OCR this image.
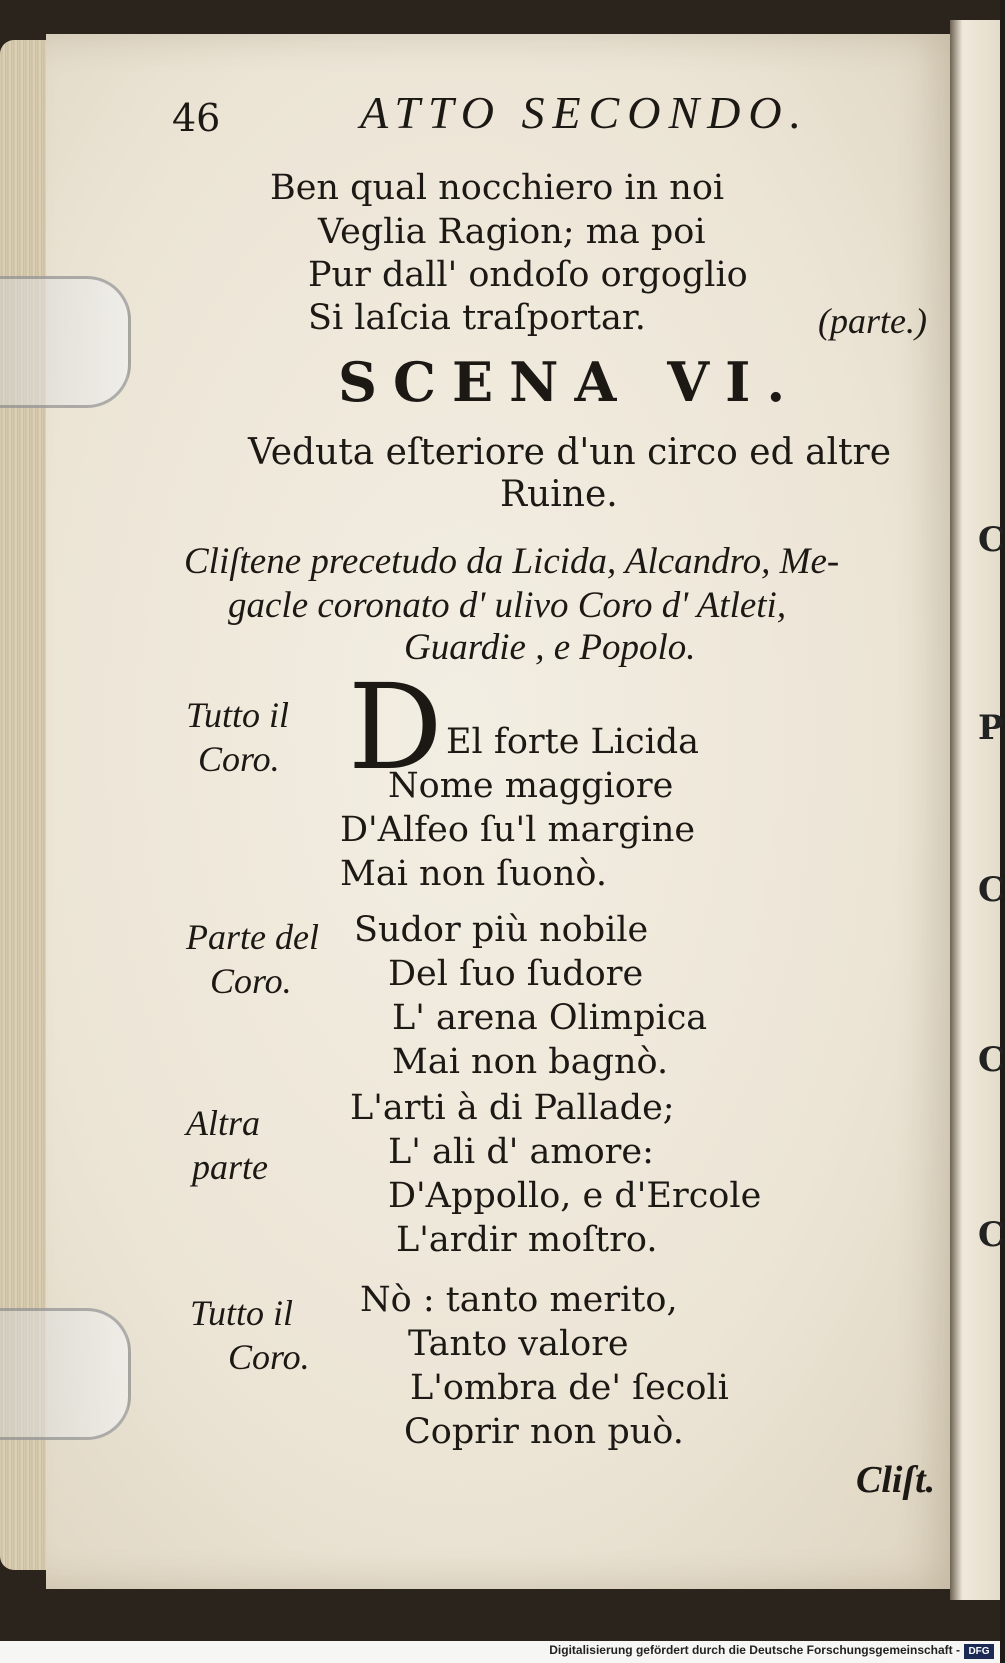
C
P
C
C
C
46	ATTO SECONDO.
Ben qual nocchiero in noi
Veglia Ragion; ma poi
Pur dall' ondoſo orgoglio
Si laſcia traſportar.	(parte.)
SCENA VI.
Veduta eſteriore d'un circo ed altre
Ruine.
Cliſtene precetudo da Licida, Alcandro, Me-
gacle coronato d' ulivo Coro d' Atleti,
Guardie , e Popolo.
Tutto il
Coro. D El forte Licida
Nome maggiore
D'Alfeo ſu'l margine
Mai non ſuonò.
Parte del
Coro.
Sudor più nobile
Del ſuo ſudore
L' arena Olimpica
Mai non bagnò.
Altra
parte
L'arti à di Pallade;
L' ali d' amore:
D'Appollo, e d'Ercole
L'ardir moſtro.
Tutto il
Coro.
Nò : tanto merito,
Tanto valore
L'ombra de' ſecoli
Coprir non può.
Cliſt.
Digitalisierung gefördert durch die Deutsche Forschungsgemeinschaft - DFG
